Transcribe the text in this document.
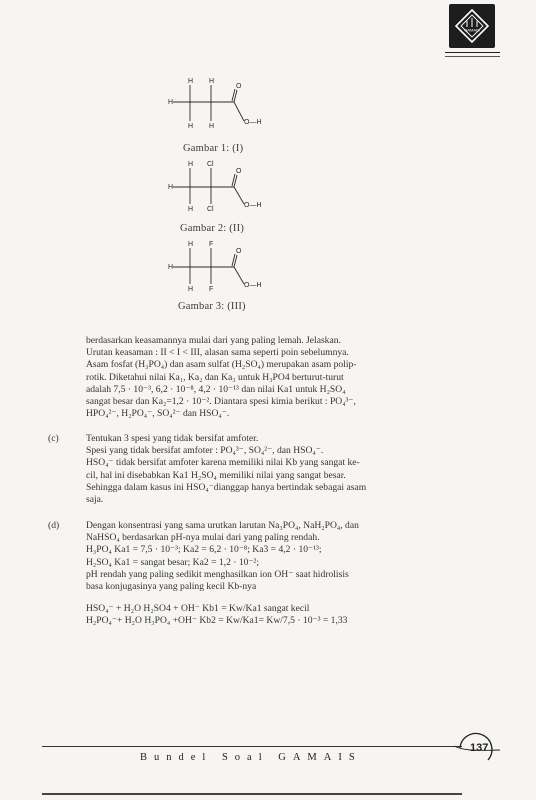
GAMAIS
H H
H
H H
O
O—H
Gambar 1: (I)
H Cl
H
H Cl
O
O—H
Gambar 2: (II)
H F
H
H F
O
O—H
Gambar 3: (III)

berdasarkan keasamannya mulai dari yang paling lemah. Jelaskan.

Urutan keasaman : II < I < III, alasan sama seperti poin sebelumnya.

Asam fosfat (H₃PO₄) dan asam sulfat (H₂SO₄) merupakan asam polip-

rotik. Diketahui nilai Ka₁, Ka₂ dan Ka₃ untuk H₃PO4 berturut-turut

adalah 7,5 · 10⁻³, 6,2 · 10⁻⁸, 4,2 · 10⁻¹³ dan nilai Ka1 untuk H₂SO₄

sangat besar dan Ka₂=1,2 · 10⁻². Diantara spesi kimia berikut : PO₄³⁻,

HPO₄²⁻, H₂PO₄⁻, SO₄²⁻ dan HSO₄⁻.

(c)	Tentukan 3 spesi yang tidak bersifat amfoter.

Spesi yang tidak bersifat amfoter : PO₄³⁻, SO₄²⁻, dan HSO₄⁻.

HSO₄⁻ tidak bersifat amfoter karena memiliki nilai Kb yang sangat ke-

cil, hal ini disebabkan Ka1 H₂SO₄ memiliki nilai yang sangat besar.

Sehingga dalam kasus ini HSO₄⁻dianggap hanya bertindak sebagai asam

saja.

(d)	Dengan konsentrasi yang sama urutkan larutan Na₃PO₄, NaH₂PO₄, dan

NaHSO₄ berdasarkan pH-nya mulai dari yang paling rendah.

H₃PO₄ Ka1 = 7,5 · 10⁻³; Ka2 = 6,2 · 10⁻⁸; Ka3 = 4,2 · 10⁻¹³;

H₂SO₄ Ka1 = sangat besar; Ka2 = 1,2 · 10⁻²;

pH rendah yang paling sedikit menghasilkan ion OH⁻ saat hidrolisis

basa konjugasinya yang paling kecil Kb-nya

HSO₄⁻ + H₂O H₂SO4 + OH⁻ Kb1 = Kw/Ka1 sangat kecil

H₂PO₄⁻+ H₂O H₃PO₄ +OH⁻ Kb2 = Kw/Ka1= Kw/7,5 · 10⁻³ = 1,33

137
Bundel Soal GAMAIS
